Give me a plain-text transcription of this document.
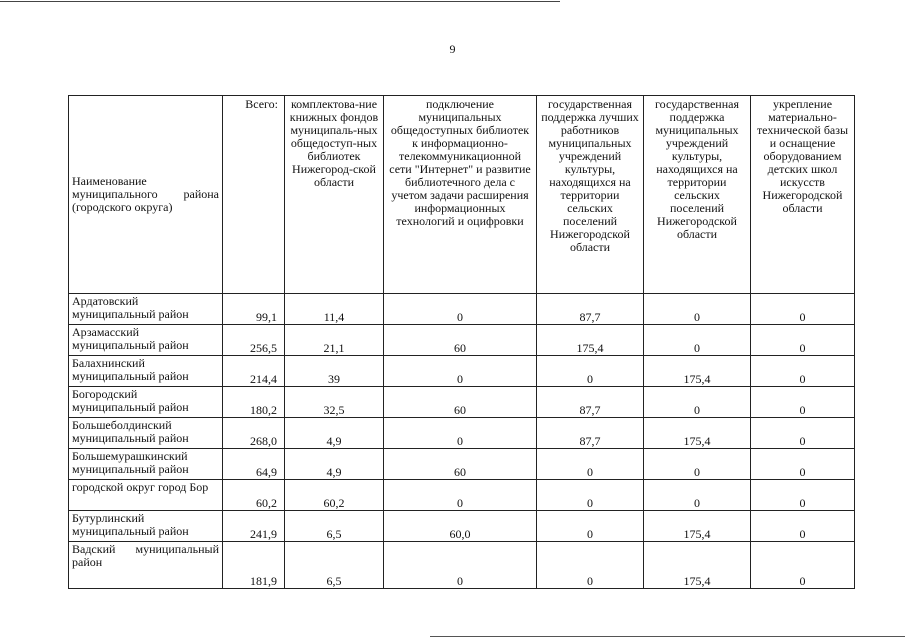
9
Наименование муниципального района (городского округа)	Всего:	комплектова-ние книжных фондов муниципаль-ных общедоступ-ных библиотек Нижегород-ской области	подключение муниципальных общедоступных библиотек к информационно-телекоммуникационной сети "Интернет" и развитие библиотечного дела с учетом задачи расширения информационных технологий и оцифровки	государственная поддержка лучших работников муниципальных учреждений культуры, находящихся на территории сельских поселений Нижегородской области	государственная поддержка муниципальных учреждений культуры, находящихся на территории сельских поселений Нижегородской области	укрепление материально-технической базы и оснащение оборудованием детских школ искусств Нижегородской области
Ардатовский муниципальный район	99,1	11,4	0	87,7	0	0
Арзамасский муниципальный район	256,5	21,1	60	175,4	0	0
Балахнинский муниципальный район	214,4	39	0	0	175,4	0
Богородский муниципальный район	180,2	32,5	60	87,7	0	0
Большеболдинский муниципальный район	268,0	4,9	0	87,7	175,4	0
Большемурашкинский муниципальный район	64,9	4,9	60	0	0	0
городской округ город Бор	60,2	60,2	0	0	0	0
Бутурлинский муниципальный район	241,9	6,5	60,0	0	175,4	0
Вадский муниципальный район	181,9	6,5	0	0	175,4	0
